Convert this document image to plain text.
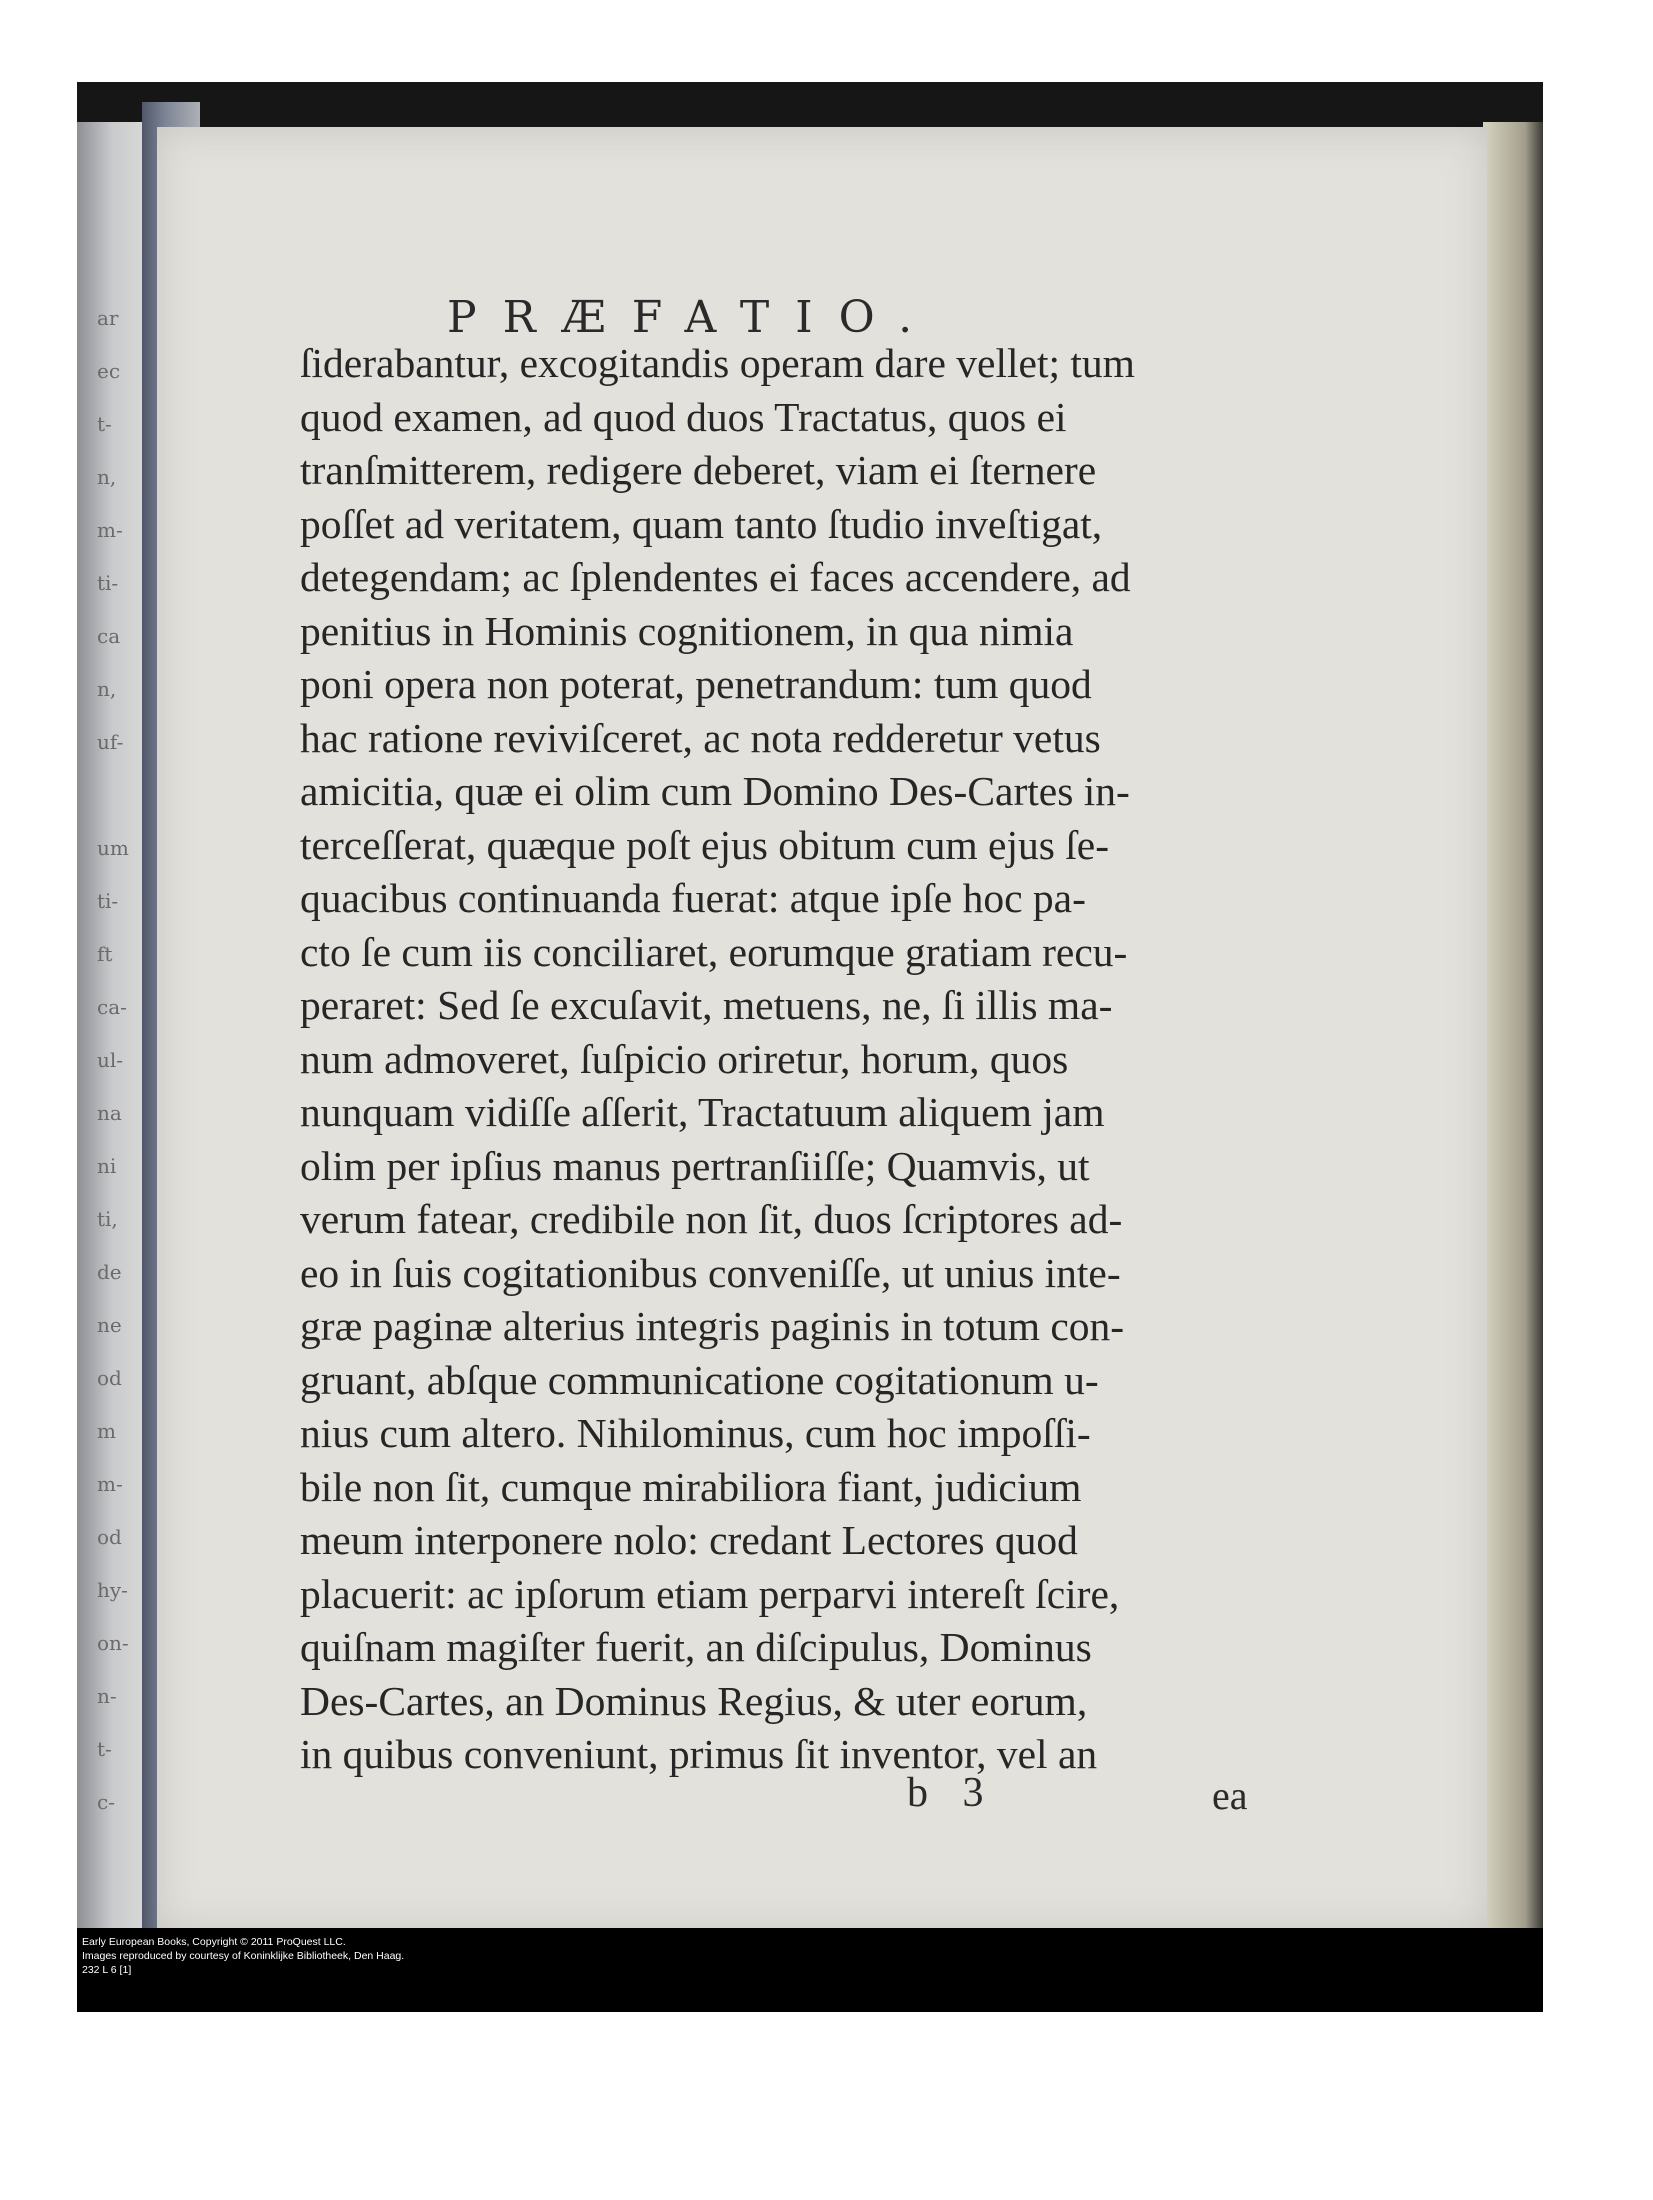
ar
ec
t-
n,
m-
ti-
ca
n,
uf-

um
ti-
ft
ca-
ul-
na
ni
ti,
de
ne
od
m
m-
od
hy-
on-
n-
t-
c-
PRÆFATIO.
ſiderabantur, excogitandis operam dare vellet; tum
quod examen, ad quod duos Tractatus, quos ei
tranſmitterem, redigere deberet, viam ei ſternere
poſſet ad veritatem, quam tanto ſtudio inveſtigat,
detegendam; ac ſplendentes ei faces accendere, ad
penitius in Hominis cognitionem, in qua nimia
poni opera non poterat, penetrandum: tum quod
hac ratione reviviſceret, ac nota redderetur vetus
amicitia, quæ ei olim cum Domino Des-Cartes in-
terceſſerat, quæque poſt ejus obitum cum ejus ſe-
quacibus continuanda fuerat: atque ipſe hoc pa-
cto ſe cum iis conciliaret, eorumque gratiam recu-
peraret: Sed ſe excuſavit, metuens, ne, ſi illis ma-
num admoveret, ſuſpicio oriretur, horum, quos
nunquam vidiſſe aſſerit, Tractatuum aliquem jam
olim per ipſius manus pertranſiiſſe; Quamvis, ut
verum fatear, credibile non ſit, duos ſcriptores ad-
eo in ſuis cogitationibus conveniſſe, ut unius inte-
græ paginæ alterius integris paginis in totum con-
gruant, abſque communicatione cogitationum u-
nius cum altero. Nihilominus, cum hoc impoſſi-
bile non ſit, cumque mirabiliora fiant, judicium
meum interponere nolo: credant Lectores quod
placuerit: ac ipſorum etiam perparvi intereſt ſcire,
quiſnam magiſter fuerit, an diſcipulus, Dominus
Des-Cartes, an Dominus Regius, & uter eorum,
in quibus conveniunt, primus ſit inventor, vel an
b 3	ea
Early European Books, Copyright © 2011 ProQuest LLC.
Images reproduced by courtesy of Koninklijke Bibliotheek, Den Haag.
232 L 6 [1]
